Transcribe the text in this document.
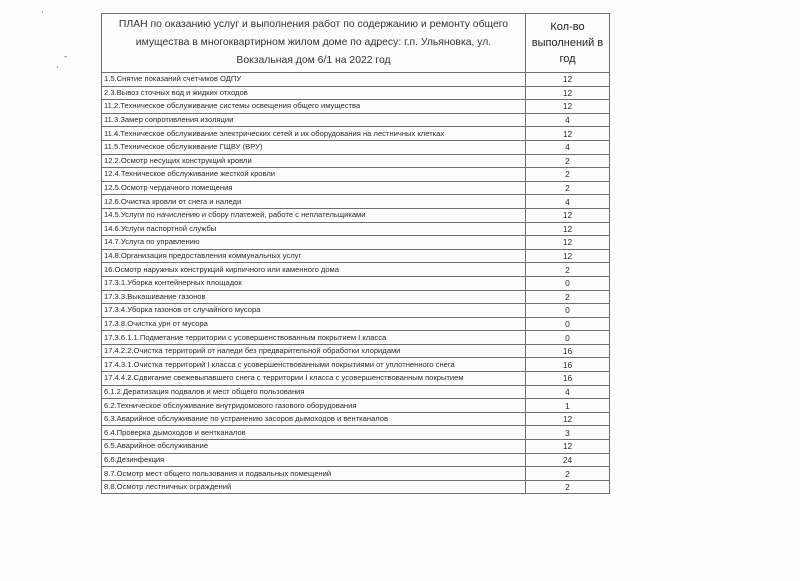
·
-
·
ПЛАН по оказанию услуг и выполнения работ по содержанию и ремонту общего имущества в многоквартирном жилом доме по адресу: г.п. Ульяновка, ул. Вокзальная дом 6/1 на 2022 год	Кол-во выполнений в год
1.5.Снятие показаний счетчиков ОДПУ	12
2.3.Вывоз сточных вод и жидких отходов	12
11.2.Техническое обслуживание системы освещения общего имущества	12
11.3.Замер сопротивления изоляции	4
11.4.Техническое обслуживание электрических сетей и их оборудования на лестничных клетках	12
11.5.Техническое обслуживание ГЩВУ (ВРУ)	4
12.2.Осмотр несущих конструкций кровли	2
12.4.Техническое обслуживание жесткой кровли	2
12.5.Осмотр чердачного помещения	2
12.6.Очистка кровли от снега и наледи	4
14.5.Услуги по начислению и сбору платежей, работе с неплательщиками	12
14.6.Услуги паспортной службы	12
14.7.Услуга по управлению	12
14.8.Организация предоставления коммунальных услуг	12
16.Осмотр наружных конструкций кирпичного или каменного дома	2
17.3.1.Уборка контейнерных площадок	0
17.3.3.Выкашивание газонов	2
17.3.4.Уборка газонов от случайного мусора	0
17.3.8.Очистка урн от мусора	0
17.3.6.1.1.Подметание территории с усовершенствованным покрытием I класса	0
17.4.2.2.Очистка территорий от наледи без предварительной обработки хлоридами	16
17.4.3.1.Очистка территорий I класса с усовершенствованными покрытиями от уплотненного снега	16
17.4.4.2.Сдвигание свежевыпавшего снега с территории I класса с усовершенствованным покрытием	16
6.1.2.Дератизация подвалов и мест общего пользования	4
6.2.Техническое обслуживание внутридомового газового оборудования	1
6.3.Аварийное обслуживание по устранению засоров дымоходов и вентканалов	12
6.4.Проверка дымоходов и вентканалов	3
6.5.Аварийное обслуживание	12
6.6.Дезинфекция	24
8.7.Осмотр мест общего пользования и подвальных помещений	2
8.8.Осмотр лестничных ограждений	2
